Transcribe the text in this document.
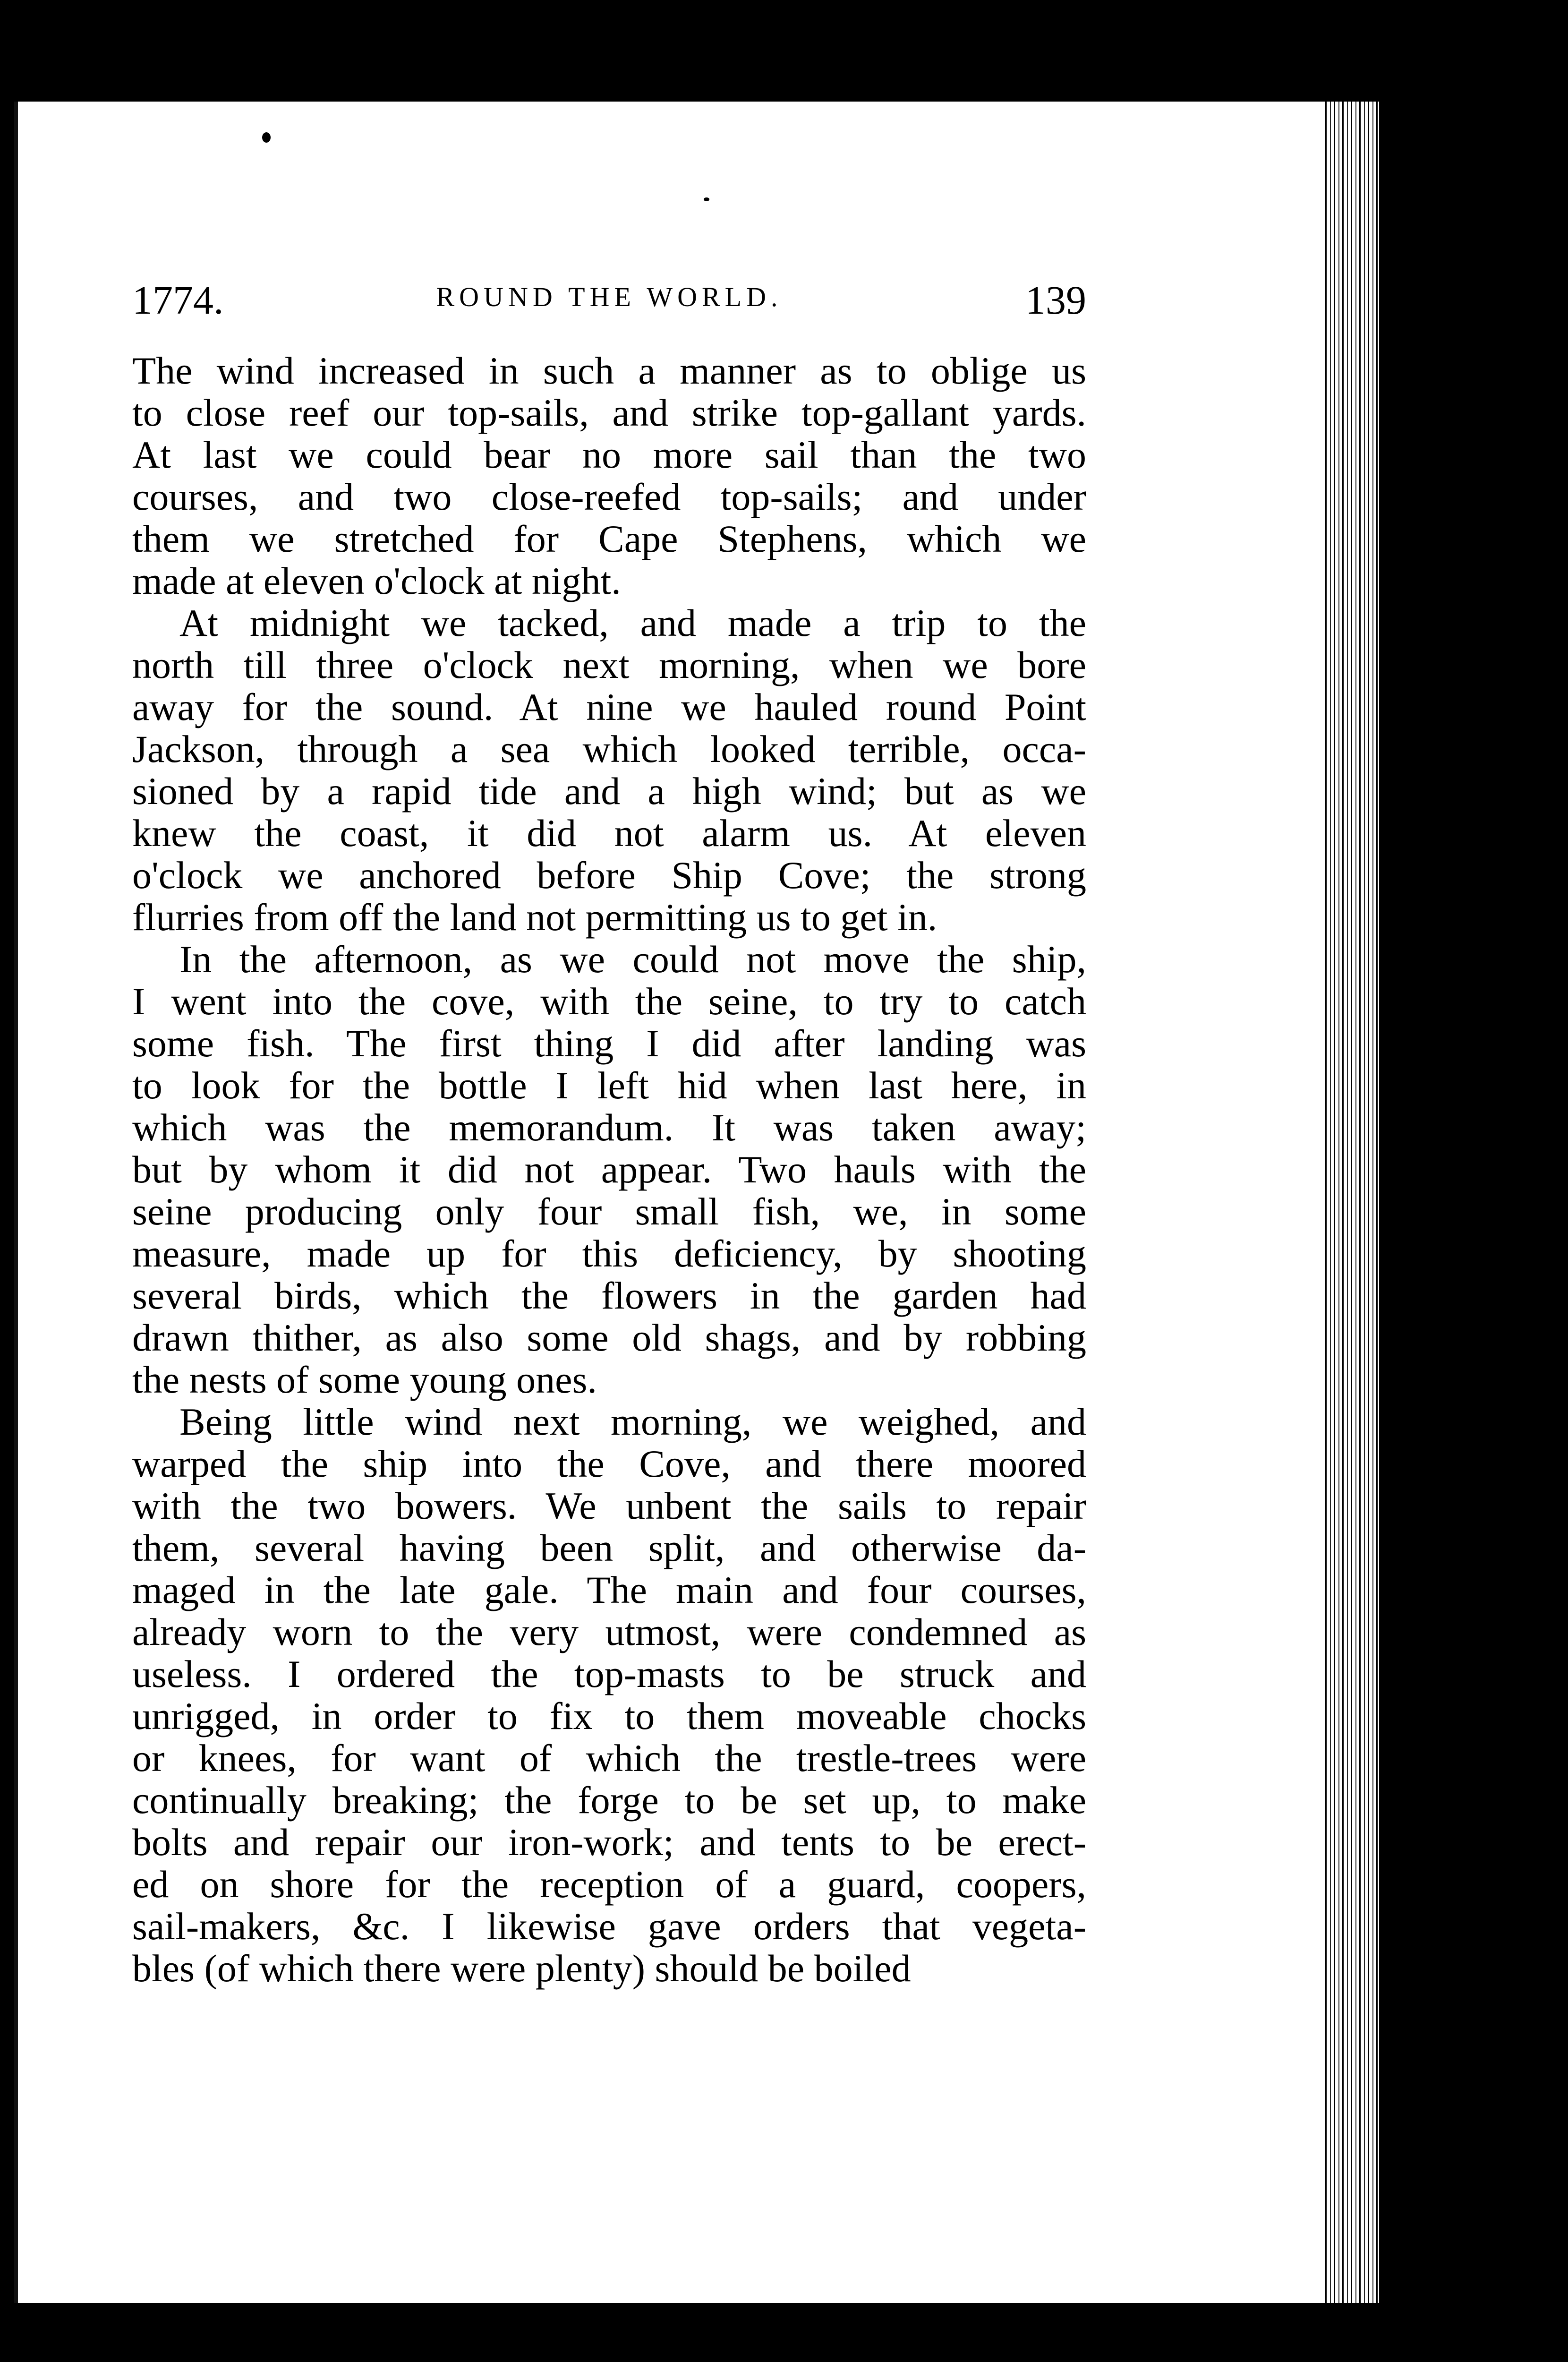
1774.	ROUND THE WORLD.	139

The wind increased in such a manner as to oblige us
to close reef our top-sails, and strike top-gallant yards.
At last we could bear no more sail than the two
courses, and two close-reefed top-sails; and under
them we stretched for Cape Stephens, which we
made at eleven o'clock at night.

At midnight we tacked, and made a trip to the
north till three o'clock next morning, when we bore
away for the sound. At nine we hauled round Point
Jackson, through a sea which looked terrible, occa-
sioned by a rapid tide and a high wind; but as we
knew the coast, it did not alarm us. At eleven
o'clock we anchored before Ship Cove; the strong
flurries from off the land not permitting us to get in.

In the afternoon, as we could not move the ship,
I went into the cove, with the seine, to try to catch
some fish. The first thing I did after landing was
to look for the bottle I left hid when last here, in
which was the memorandum. It was taken away;
but by whom it did not appear. Two hauls with the
seine producing only four small fish, we, in some
measure, made up for this deficiency, by shooting
several birds, which the flowers in the garden had
drawn thither, as also some old shags, and by robbing
the nests of some young ones.

Being little wind next morning, we weighed, and
warped the ship into the Cove, and there moored
with the two bowers. We unbent the sails to repair
them, several having been split, and otherwise da-
maged in the late gale. The main and four courses,
already worn to the very utmost, were condemned as
useless. I ordered the top-masts to be struck and
unrigged, in order to fix to them moveable chocks
or knees, for want of which the trestle-trees were
continually breaking; the forge to be set up, to make
bolts and repair our iron-work; and tents to be erect-
ed on shore for the reception of a guard, coopers,
sail-makers, &c. I likewise gave orders that vegeta-
bles (of which there were plenty) should be boiled
